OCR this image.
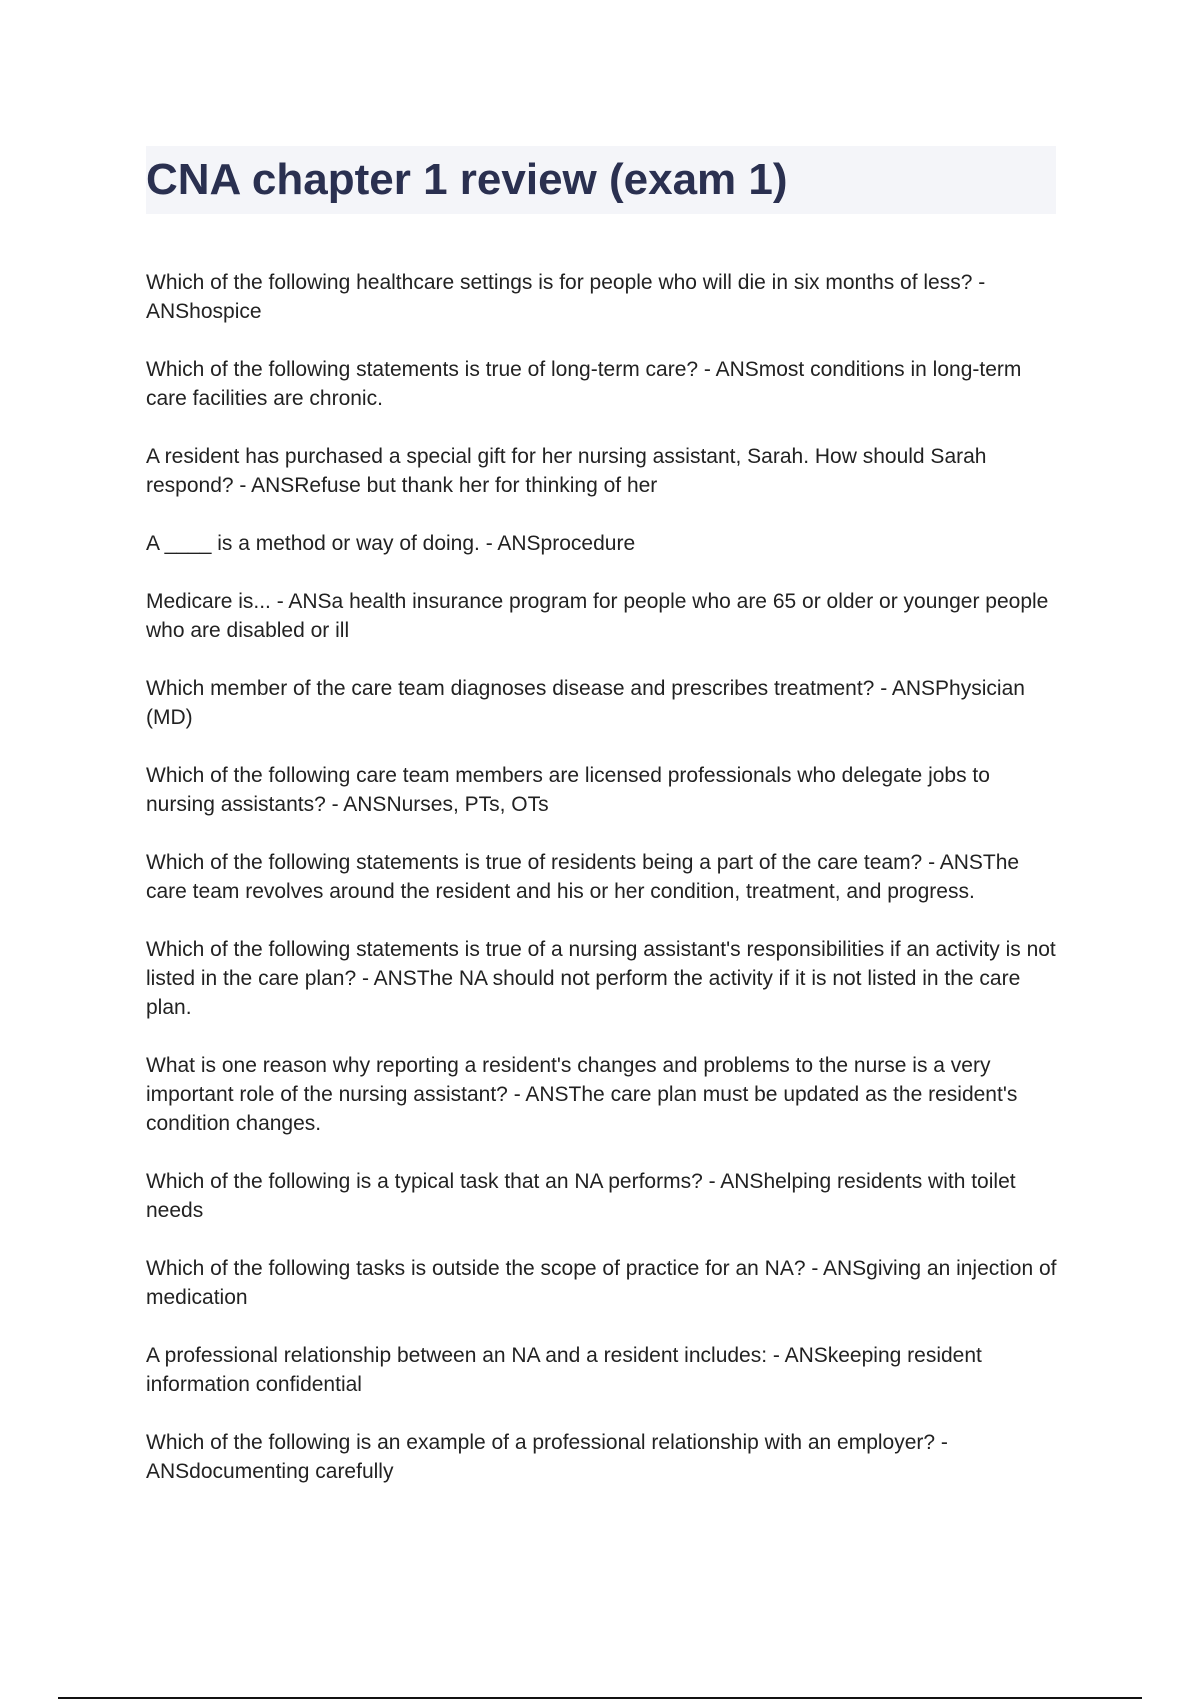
CNA chapter 1 review (exam 1)
Which of the following healthcare settings is for people who will die in six months of less? - ANShospice
Which of the following statements is true of long-term care? - ANSmost conditions in long-term care facilities are chronic.
A resident has purchased a special gift for her nursing assistant, Sarah. How should Sarah respond? - ANSRefuse but thank her for thinking of her
A ____ is a method or way of doing. - ANSprocedure
Medicare is... - ANSa health insurance program for people who are 65 or older or younger people who are disabled or ill
Which member of the care team diagnoses disease and prescribes treatment? - ANSPhysician (MD)
Which of the following care team members are licensed professionals who delegate jobs to nursing assistants? - ANSNurses, PTs, OTs
Which of the following statements is true of residents being a part of the care team? - ANSThe care team revolves around the resident and his or her condition, treatment, and progress.
Which of the following statements is true of a nursing assistant's responsibilities if an activity is not listed in the care plan? - ANSThe NA should not perform the activity if it is not listed in the care plan.
What is one reason why reporting a resident's changes and problems to the nurse is a very important role of the nursing assistant? - ANSThe care plan must be updated as the resident's condition changes.
Which of the following is a typical task that an NA performs? - ANShelping residents with toilet needs
Which of the following tasks is outside the scope of practice for an NA? - ANSgiving an injection of medication
A professional relationship between an NA and a resident includes: - ANSkeeping resident information confidential
Which of the following is an example of a professional relationship with an employer? - ANSdocumenting carefully
